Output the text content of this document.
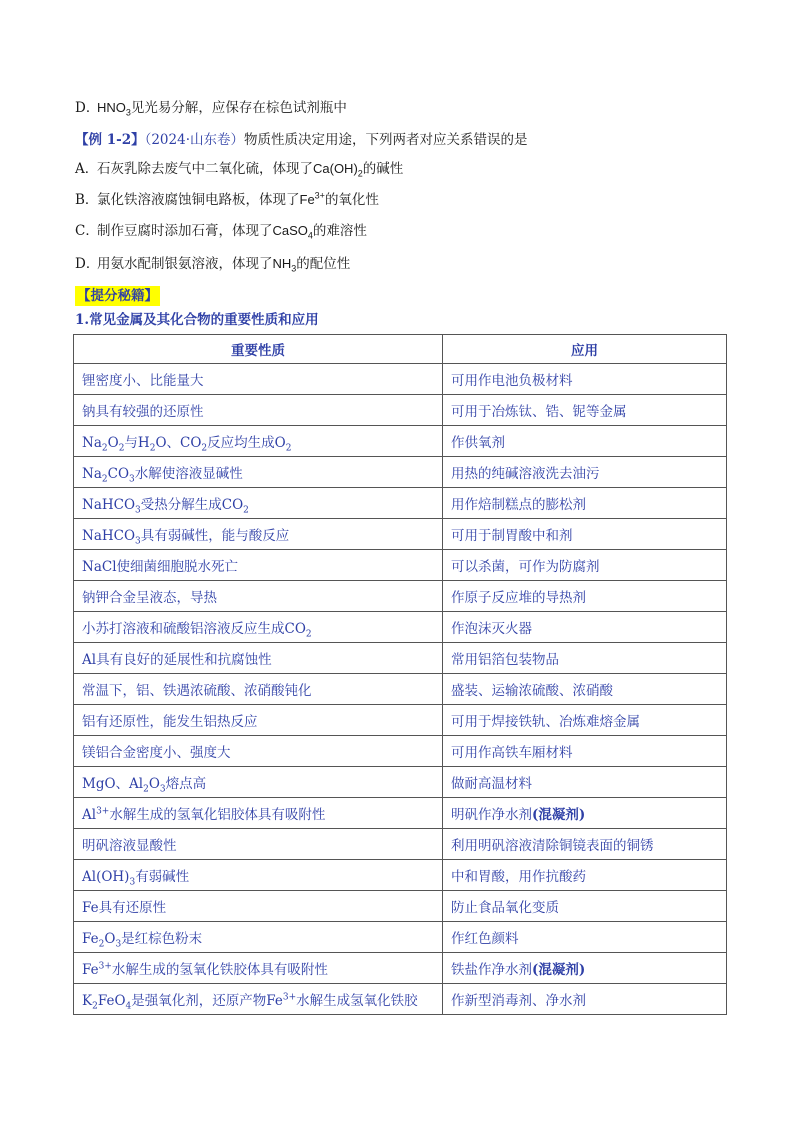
D．$HNO_3$见光易分解，应保存在棕色试剂瓶中
【例 1-2】（2024·山东卷）物质性质决定用途，下列两者对应关系错误的是
A．石灰乳除去废气中二氧化硫，体现了$Ca(OH)_2$的碱性
B．氯化铁溶液腐蚀铜电路板，体现了$Fe^{3+}$的氧化性
C．制作豆腐时添加石膏，体现了CaSO$_4$的难溶性
D．用氨水配制银氨溶液，体现了$NH_3$的配位性
【提分秘籍】
1.常见金属及其化合物的重要性质和应用
重要性质	应用
锂密度小、比能量大	可用作电池负极材料
钠具有较强的还原性	可用于冶炼钛、锆、铌等金属
$Na_2O_2$与$H_2O$、$CO_2$反应均生成$O_2$	作供氧剂
$Na_2CO_3$水解使溶液显碱性	用热的纯碱溶液洗去油污
NaHCO$_3$受热分解生成$CO_2$	用作焙制糕点的膨松剂
NaHCO$_3$具有弱碱性，能与酸反应	可用于制胃酸中和剂
NaCl使细菌细胞脱水死亡	可以杀菌，可作为防腐剂
钠钾合金呈液态，导热	作原子反应堆的导热剂
小苏打溶液和硫酸铝溶液反应生成$CO_2$	作泡沫灭火器
Al具有良好的延展性和抗腐蚀性	常用铝箔包装物品
常温下，铝、铁遇浓硫酸、浓硝酸钝化	盛装、运输浓硫酸、浓硝酸
铝有还原性，能发生铝热反应	可用于焊接铁轨、冶炼难熔金属
镁铝合金密度小、强度大	可用作高铁车厢材料
MgO、$Al_2O_3$熔点高	做耐高温材料
$Al^{3+}$水解生成的氢氧化铝胶体具有吸附性	明矾作净水剂(混凝剂)
明矾溶液显酸性	利用明矾溶液清除铜镜表面的铜锈
$Al(OH)_3$有弱碱性	中和胃酸，用作抗酸药
Fe具有还原性	防止食品氧化变质
$Fe_2O_3$是红棕色粉末	作红色颜料
$Fe^{3+}$水解生成的氢氧化铁胶体具有吸附性	铁盐作净水剂(混凝剂)
$K_2FeO_4$是强氧化剂，还原产物$Fe^{3+}$水解生成氢氧化铁胶	作新型消毒剂、净水剂
